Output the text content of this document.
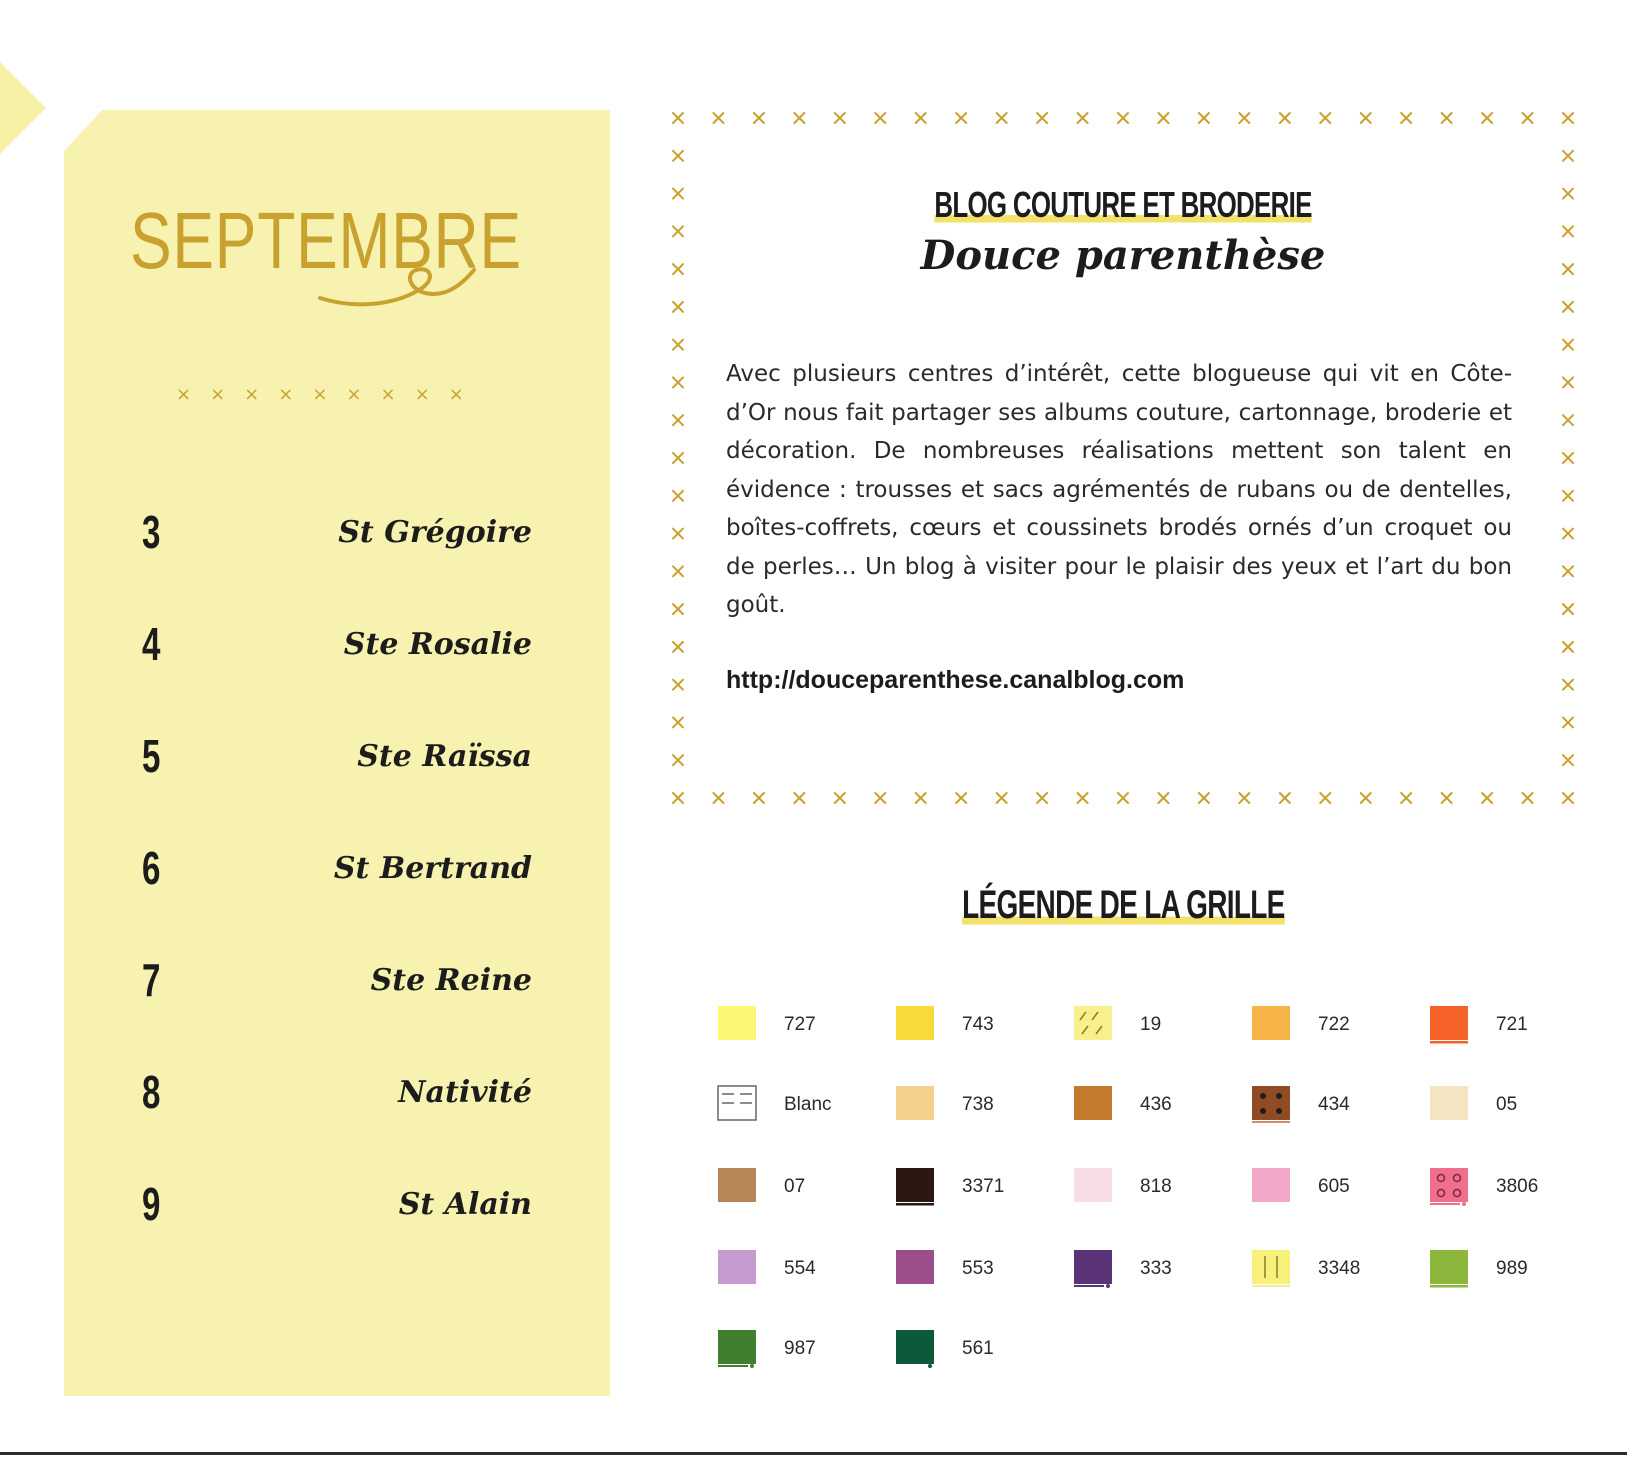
SEPTEMBRE
×××××××××
3	St Grégoire
4	Ste Rosalie
5	Ste Raïssa
6	St Bertrand
7	Ste Reine
8	Nativité
9	St Alain
BLOG COUTURE ET BRODERIE
Douce parenthèse

Avec plusieurs centres d’intérêt, cette blogueuse qui vit en Côte-d’Or nous fait partager ses albums couture, cartonnage, broderie et décoration. De nombreuses réalisations mettent son talent en évidence : trousses et sacs agrémentés de rubans ou de dentelles, boîtes-coffrets, cœurs et coussinets brodés ornés d’un croquet ou de perles… Un blog à visiter pour le plaisir des yeux et l’art du bon goût.

http://douceparenthese.canalblog.com
LÉGENDE DE LA GRILLE
727	743	19	722	721
Blanc	738	436	434	05
07	3371	818	605	3806
554	553	333	3348	989
987	561
